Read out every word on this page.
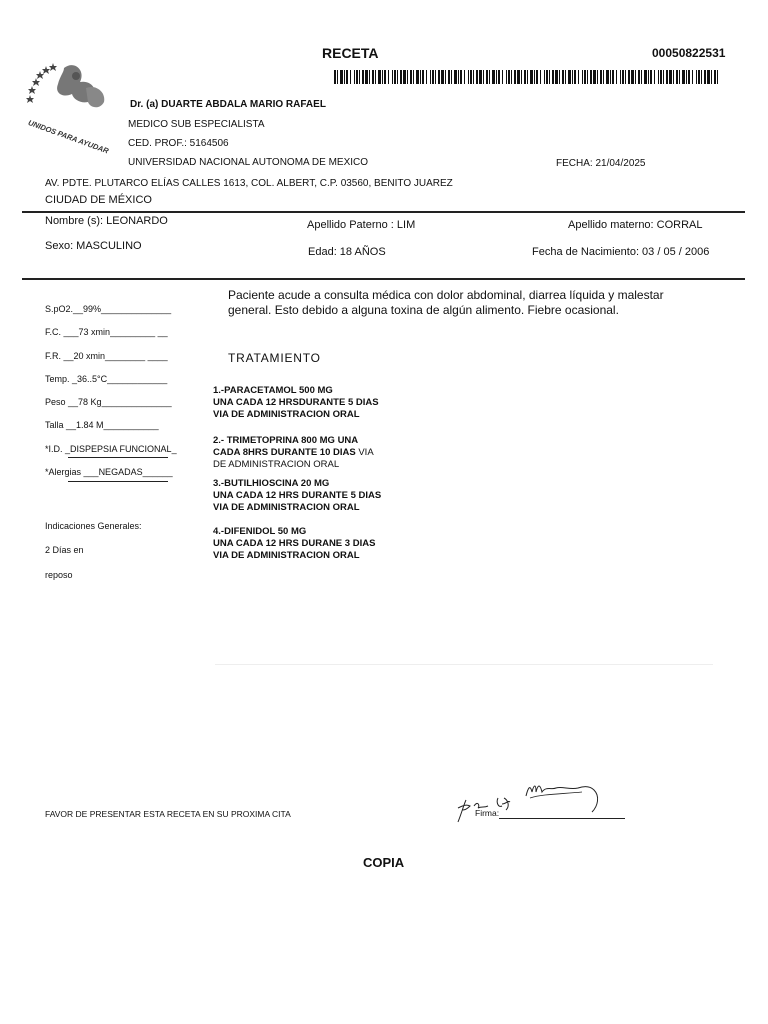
UNIDOS PARA AYUDAR
RECETA	00050822531
Dr. (a) DUARTE ABDALA MARIO RAFAEL
MEDICO SUB ESPECIALISTA
CED. PROF.: 5164506
UNIVERSIDAD NACIONAL AUTONOMA DE MEXICO	FECHA: 21/04/2025
AV. PDTE. PLUTARCO ELÍAS CALLES 1613, COL. ALBERT, C.P. 03560, BENITO JUAREZ
CIUDAD DE MÉXICO
Nombre (s): LEONARDO	Apellido Paterno : LIM	Apellido materno: CORRAL
Sexo: MASCULINO	Edad: 18 AÑOS	Fecha de Nacimiento: 03 / 05 / 2006
S.pO2.__99%______________
F.C. ___73 xmin_________ __
F.R. __20 xmin________ ____
Temp. _36..5°C____________
Peso __78 Kg______________
Talla __1.84 M___________
*I.D. _DISPEPSIA FUNCIONAL_
*Alergias ___NEGADAS______
Indicaciones Generales:
2 Días en
reposo
Paciente acude a consulta médica con dolor abdominal, diarrea líquida y malestar
general. Esto debido a alguna toxina de algún alimento. Fiebre ocasional.
TRATAMIENTO
1.-PARACETAMOL 500 MG
UNA CADA 12 HRSDURANTE 5 DIAS
VIA DE ADMINISTRACION ORAL
2.- TRIMETOPRINA 800 MG UNA
CADA 8HRS DURANTE 10 DIAS VIA
DE ADMINISTRACION ORAL
3.-BUTILHIOSCINA 20 MG
UNA CADA 12 HRS DURANTE 5 DIAS
VIA DE ADMINISTRACION ORAL
4.-DIFENIDOL 50 MG
UNA CADA 12 HRS DURANE 3 DIAS
VIA DE ADMINISTRACION ORAL
FAVOR DE PRESENTAR ESTA RECETA EN SU PROXIMA CITA	Firma:
COPIA
